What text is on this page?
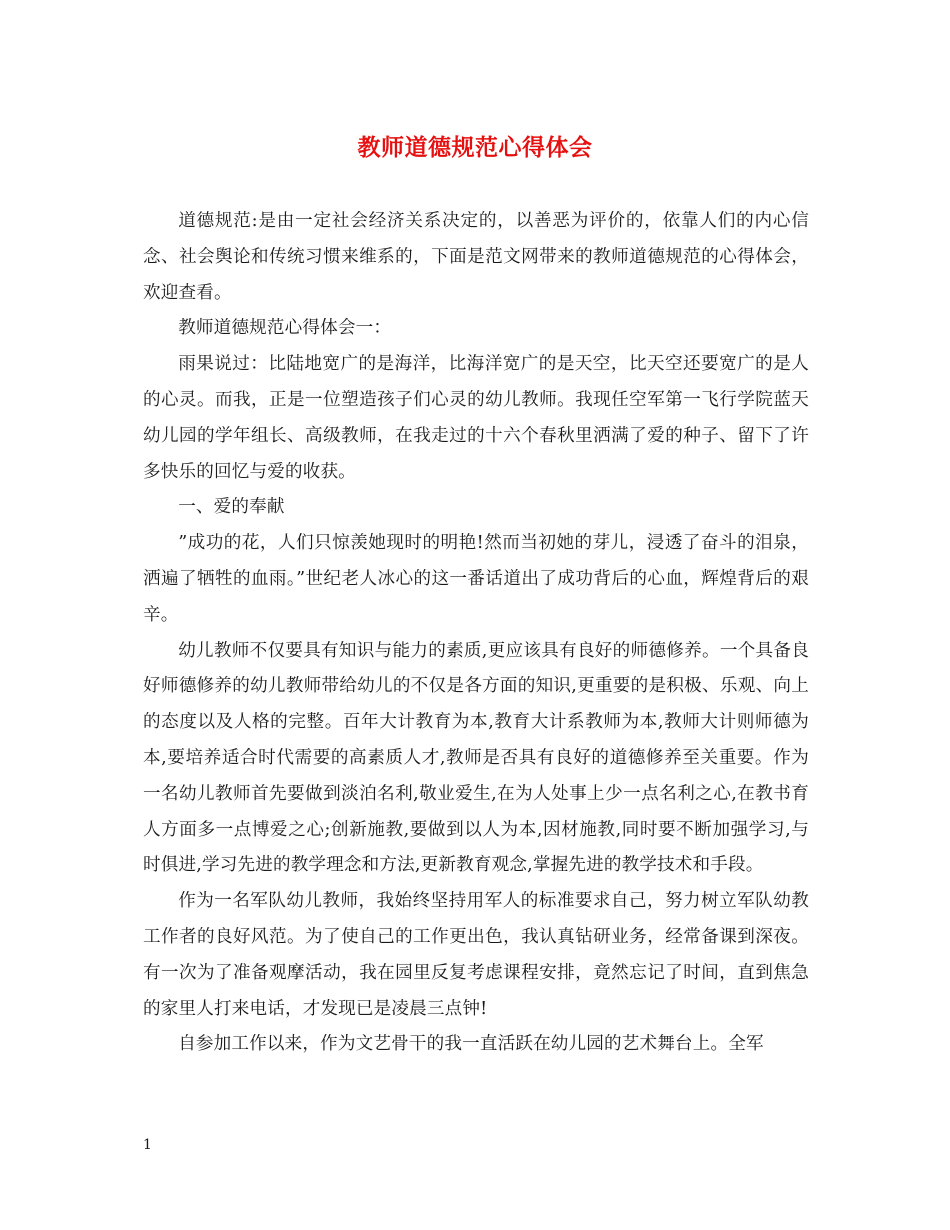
教师道德规范心得体会

道德规范:是由一定社会经济关系决定的，以善恶为评价的，依靠人们的内心信念、社会舆论和传统习惯来维系的，下面是范文网带来的教师道德规范的心得体会，欢迎查看。

教师道德规范心得体会一：

雨果说过：比陆地宽广的是海洋，比海洋宽广的是天空，比天空还要宽广的是人的心灵。而我，正是一位塑造孩子们心灵的幼儿教师。我现任空军第一飞行学院蓝天幼儿园的学年组长、高级教师，在我走过的十六个春秋里洒满了爱的种子、留下了许多快乐的回忆与爱的收获。

一、爱的奉献

”成功的花，人们只惊羡她现时的明艳!然而当初她的芽儿，浸透了奋斗的泪泉，洒遍了牺牲的血雨。”世纪老人冰心的这一番话道出了成功背后的心血，辉煌背后的艰辛。

幼儿教师不仅要具有知识与能力的素质,更应该具有良好的师德修养。一个具备良好师德修养的幼儿教师带给幼儿的不仅是各方面的知识,更重要的是积极、乐观、向上的态度以及人格的完整。百年大计教育为本,教育大计系教师为本,教师大计则师德为本,要培养适合时代需要的高素质人才,教师是否具有良好的道德修养至关重要。作为一名幼儿教师首先要做到淡泊名利,敬业爱生,在为人处事上少一点名利之心,在教书育人方面多一点博爱之心;创新施教,要做到以人为本,因材施教,同时要不断加强学习,与时俱进,学习先进的教学理念和方法,更新教育观念,掌握先进的教学技术和手段。

作为一名军队幼儿教师，我始终坚持用军人的标准要求自己，努力树立军队幼教工作者的良好风范。为了使自己的工作更出色，我认真钻研业务，经常备课到深夜。有一次为了准备观摩活动，我在园里反复考虑课程安排，竟然忘记了时间，直到焦急的家里人打来电话，才发现已是凌晨三点钟!

自参加工作以来，作为文艺骨干的我一直活跃在幼儿园的艺术舞台上。全军

1
